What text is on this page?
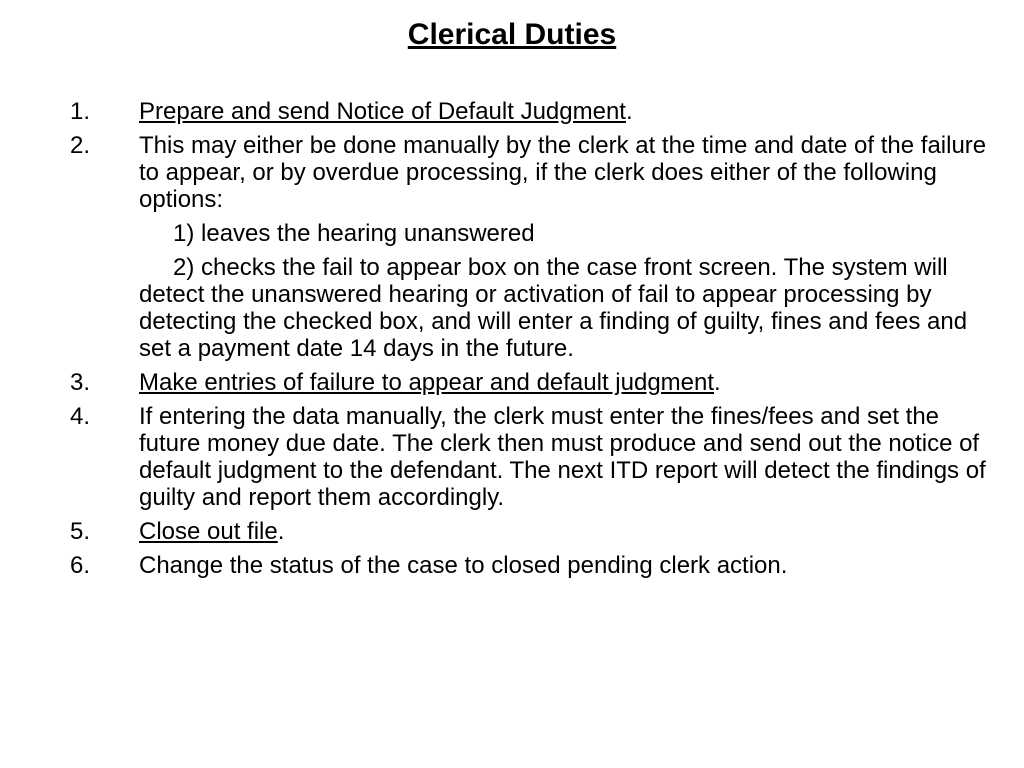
Clerical Duties
1. Prepare and send Notice of Default Judgment.
2. This may either be done manually by the clerk at the time and date of the failure to appear, or by overdue processing, if the clerk does either of the following options:
1) leaves the hearing unanswered
2) checks the fail to appear box on the case front screen. The system will detect the unanswered hearing or activation of fail to appear processing by detecting the checked box, and will enter a finding of guilty, fines and fees and set a payment date 14 days in the future.
3. Make entries of failure to appear and default judgment.
4. If entering the data manually, the clerk must enter the fines/fees and set the future money due date. The clerk then must produce and send out the notice of default judgment to the defendant. The next ITD report will detect the findings of guilty and report them accordingly.
5. Close out file.
6. Change the status of the case to closed pending clerk action.
